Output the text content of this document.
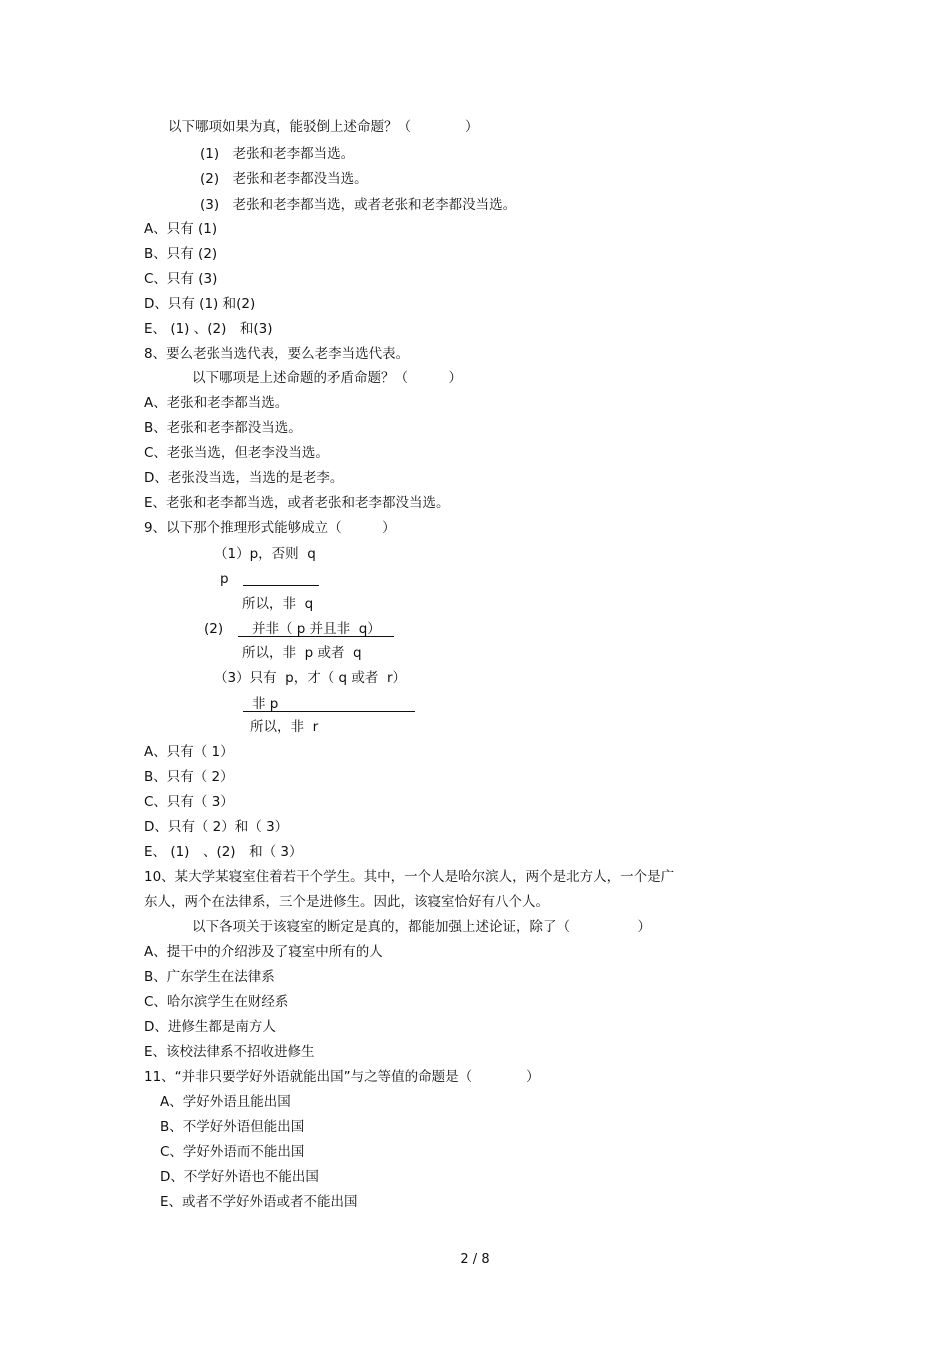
以下哪项如果为真，能驳倒上述命题？（　　　　）

(1)　老张和老李都当选。

(2)　老张和老李都没当选。

(3)　老张和老李都当选，或者老张和老李都没当选。

A、只有 (1)

B、只有 (2)

C、只有 (3)

D、只有 (1) 和(2)

E、 (1) 、(2)　和(3)

8、要么老张当选代表，要么老李当选代表。

以下哪项是上述命题的矛盾命题？（　　　）

A、老张和老李都当选。

B、老张和老李都没当选。

C、老张当选，但老李没当选。

D、老张没当选，当选的是老李。

E、老张和老李都当选，或者老张和老李都没当选。

9、以下那个推理形式能够成立（　　　）

（1）p，否则  q

p

所以，非  q

(2) 并非（ p 并且非  q）

所以，非  p 或者  q

（3）只有  p，才（ q 或者  r）

非 p

所以，非  r

A、只有（ 1）

B、只有（ 2）

C、只有（ 3）

D、只有（ 2）和（ 3）

E、 (1)　、(2)　和（ 3）

10、某大学某寝室住着若干个学生。其中，一个人是哈尔滨人，两个是北方人，一个是广

东人，两个在法律系，三个是进修生。因此，该寝室恰好有八个人。

以下各项关于该寝室的断定是真的，都能加强上述论证，除了（　　　　　）

A、提干中的介绍涉及了寝室中所有的人

B、广东学生在法律系

C、哈尔滨学生在财经系

D、进修生都是南方人

E、该校法律系不招收进修生

11、“并非只要学好外语就能出国”与之等值的命题是（　　　　）

A、学好外语且能出国

B、不学好外语但能出国

C、学好外语而不能出国

D、不学好外语也不能出国

E、或者不学好外语或者不能出国

2 / 8
